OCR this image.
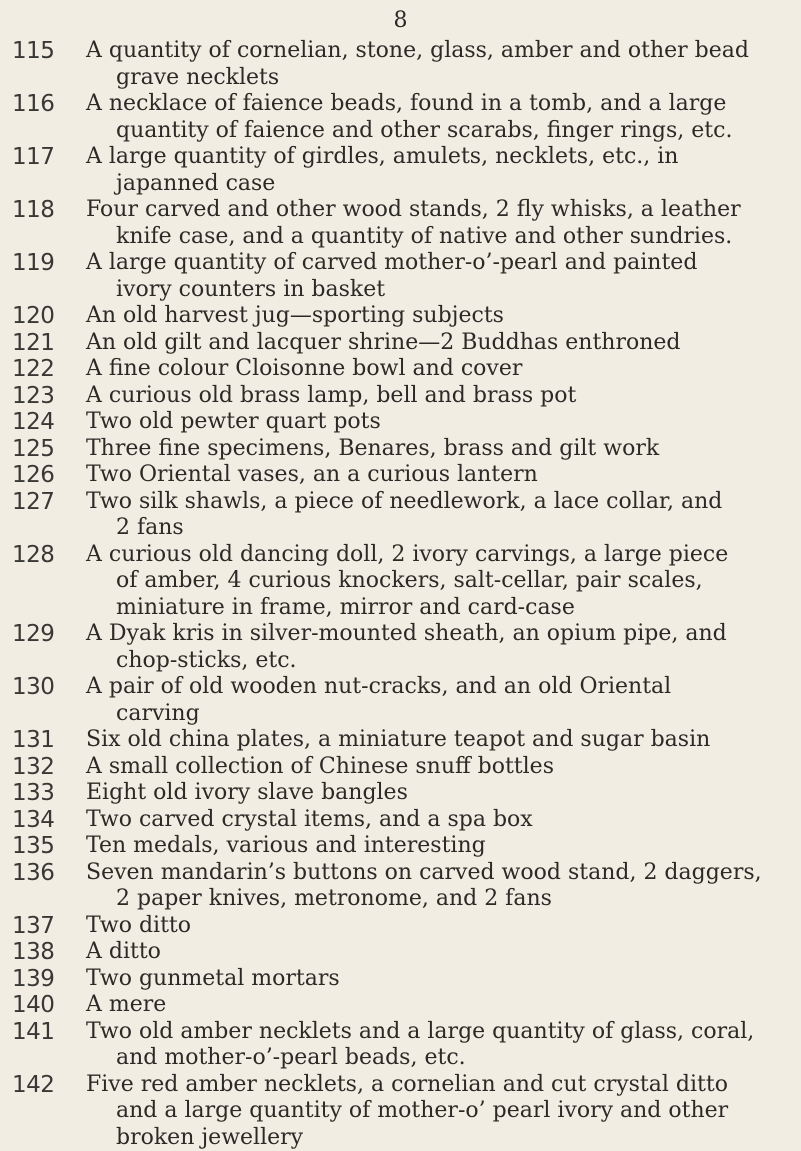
8
115	A quantity of cornelian, stone, glass, amber and other bead
grave necklets
116	A necklace of faience beads, found in a tomb, and a large
quantity of faience and other scarabs, finger rings, etc.
117	A large quantity of girdles, amulets, necklets, etc., in
japanned case
118	Four carved and other wood stands, 2 fly whisks, a leather
knife case, and a quantity of native and other sundries.
119	A large quantity of carved mother-o’-pearl and painted
ivory counters in basket
120	An old harvest jug—sporting subjects
121	An old gilt and lacquer shrine—2 Buddhas enthroned
122	A fine colour Cloisonne bowl and cover
123	A curious old brass lamp, bell and brass pot
124	Two old pewter quart pots
125	Three fine specimens, Benares, brass and gilt work
126	Two Oriental vases, an a curious lantern
127	Two silk shawls, a piece of needlework, a lace collar, and
2 fans
128	A curious old dancing doll, 2 ivory carvings, a large piece
of amber, 4 curious knockers, salt-cellar, pair scales,
miniature in frame, mirror and card-case
129	A Dyak kris in silver-mounted sheath, an opium pipe, and
chop-sticks, etc.
130	A pair of old wooden nut-cracks, and an old Oriental
carving
131	Six old china plates, a miniature teapot and sugar basin
132	A small collection of Chinese snuff bottles
133	Eight old ivory slave bangles
134	Two carved crystal items, and a spa box
135	Ten medals, various and interesting
136	Seven mandarin’s buttons on carved wood stand, 2 daggers,
2 paper knives, metronome, and 2 fans
137	Two ditto
138	A ditto
139	Two gunmetal mortars
140	A mere
141	Two old amber necklets and a large quantity of glass, coral,
and mother-o’-pearl beads, etc.
142	Five red amber necklets, a cornelian and cut crystal ditto
and a large quantity of mother-o’ pearl ivory and other
broken jewellery
